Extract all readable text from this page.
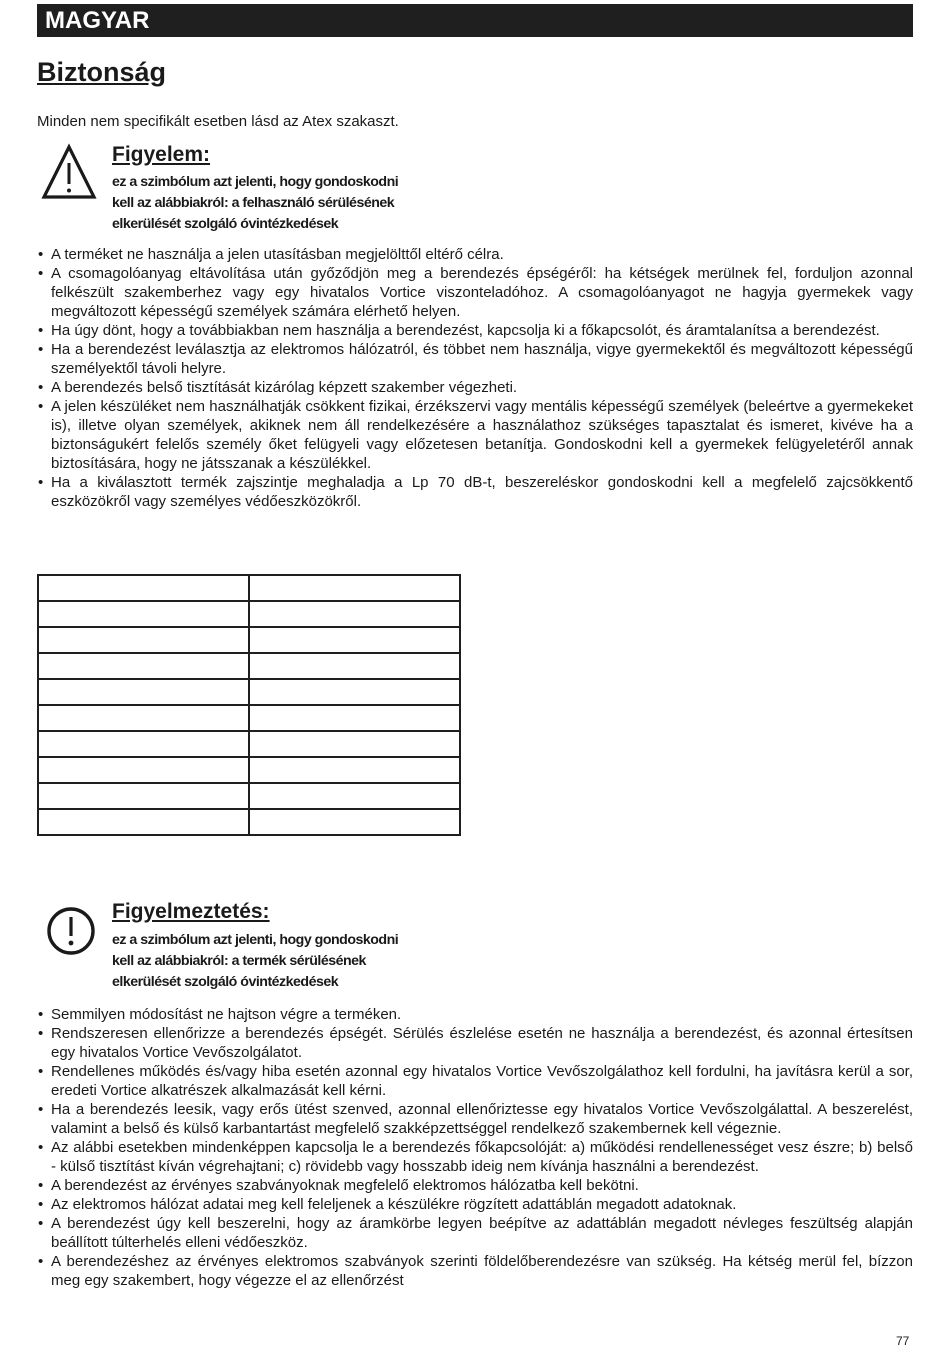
MAGYAR
Biztonság
Minden nem specifikált esetben lásd az Atex szakaszt.
Figyelem:
ez a szimbólum azt jelenti, hogy gondoskodni
kell az alábbiakról: a felhasználó sérülésének
elkerülését szolgáló óvintézkedések
• A terméket ne használja a jelen utasításban megjelölttől eltérő célra.
• A csomagolóanyag eltávolítása után győződjön meg a berendezés épségéről: ha kétségek merülnek fel, forduljon azonnal felkészült szakemberhez vagy egy hivatalos Vortice viszonteladóhoz. A csomagolóanyagot ne hagyja gyermekek vagy megváltozott képességű személyek számára elérhető helyen.
• Ha úgy dönt, hogy a továbbiakban nem használja a berendezést, kapcsolja ki a főkapcsolót, és áramtalanítsa a berendezést.
• Ha a berendezést leválasztja az elektromos hálózatról, és többet nem használja, vigye gyermekektől és megváltozott képességű személyektől távoli helyre.
• A berendezés belső tisztítását kizárólag képzett szakember végezheti.
• A jelen készüléket nem használhatják csökkent fizikai, érzékszervi vagy mentális képességű személyek (beleértve a gyermekeket is), illetve olyan személyek, akiknek nem áll rendelkezésére a használathoz szükséges tapasztalat és ismeret, kivéve ha a biztonságukért felelős személy őket felügyeli vagy előzetesen betanítja. Gondoskodni kell a gyermekek felügyeletéről annak biztosítására, hogy ne játsszanak a készülékkel.
• Ha a kiválasztott termék zajszintje meghaladja a Lp 70 dB-t, beszereléskor gondoskodni kell a megfelelő zajcsökkentő eszközökről vagy személyes védőeszközökről.

Figyelmeztetés:
ez a szimbólum azt jelenti, hogy gondoskodni
kell az alábbiakról: a termék sérülésének
elkerülését szolgáló óvintézkedések
• Semmilyen módosítást ne hajtson végre a terméken.
• Rendszeresen ellenőrizze a berendezés épségét. Sérülés észlelése esetén ne használja a berendezést, és azonnal értesítsen egy hivatalos Vortice Vevőszolgálatot.
• Rendellenes működés és/vagy hiba esetén azonnal egy hivatalos Vortice Vevőszolgálathoz kell fordulni, ha javításra kerül a sor, eredeti Vortice alkatrészek alkalmazását kell kérni.
• Ha a berendezés leesik, vagy erős ütést szenved, azonnal ellenőriztesse egy hivatalos Vortice Vevőszolgálattal. A beszerelést, valamint a belső és külső karbantartást megfelelő szakképzettséggel rendelkező szakembernek kell végeznie.
• Az alábbi esetekben mindenképpen kapcsolja le a berendezés főkapcsolóját: a) működési rendellenességet vesz észre; b) belső - külső tisztítást kíván végrehajtani; c) rövidebb vagy hosszabb ideig nem kívánja használni a berendezést.
• A berendezést az érvényes szabványoknak megfelelő elektromos hálózatba kell bekötni.
• Az elektromos hálózat adatai meg kell feleljenek a készülékre rögzített adattáblán megadott adatoknak.
• A berendezést úgy kell beszerelni, hogy az áramkörbe legyen beépítve az adattáblán megadott névleges feszültség alapján beállított túlterhelés elleni védőeszköz.
• A berendezéshez az érvényes elektromos szabványok szerinti földelőberendezésre van szükség. Ha kétség merül fel, bízzon meg egy szakembert, hogy végezze el az ellenőrzést
77
